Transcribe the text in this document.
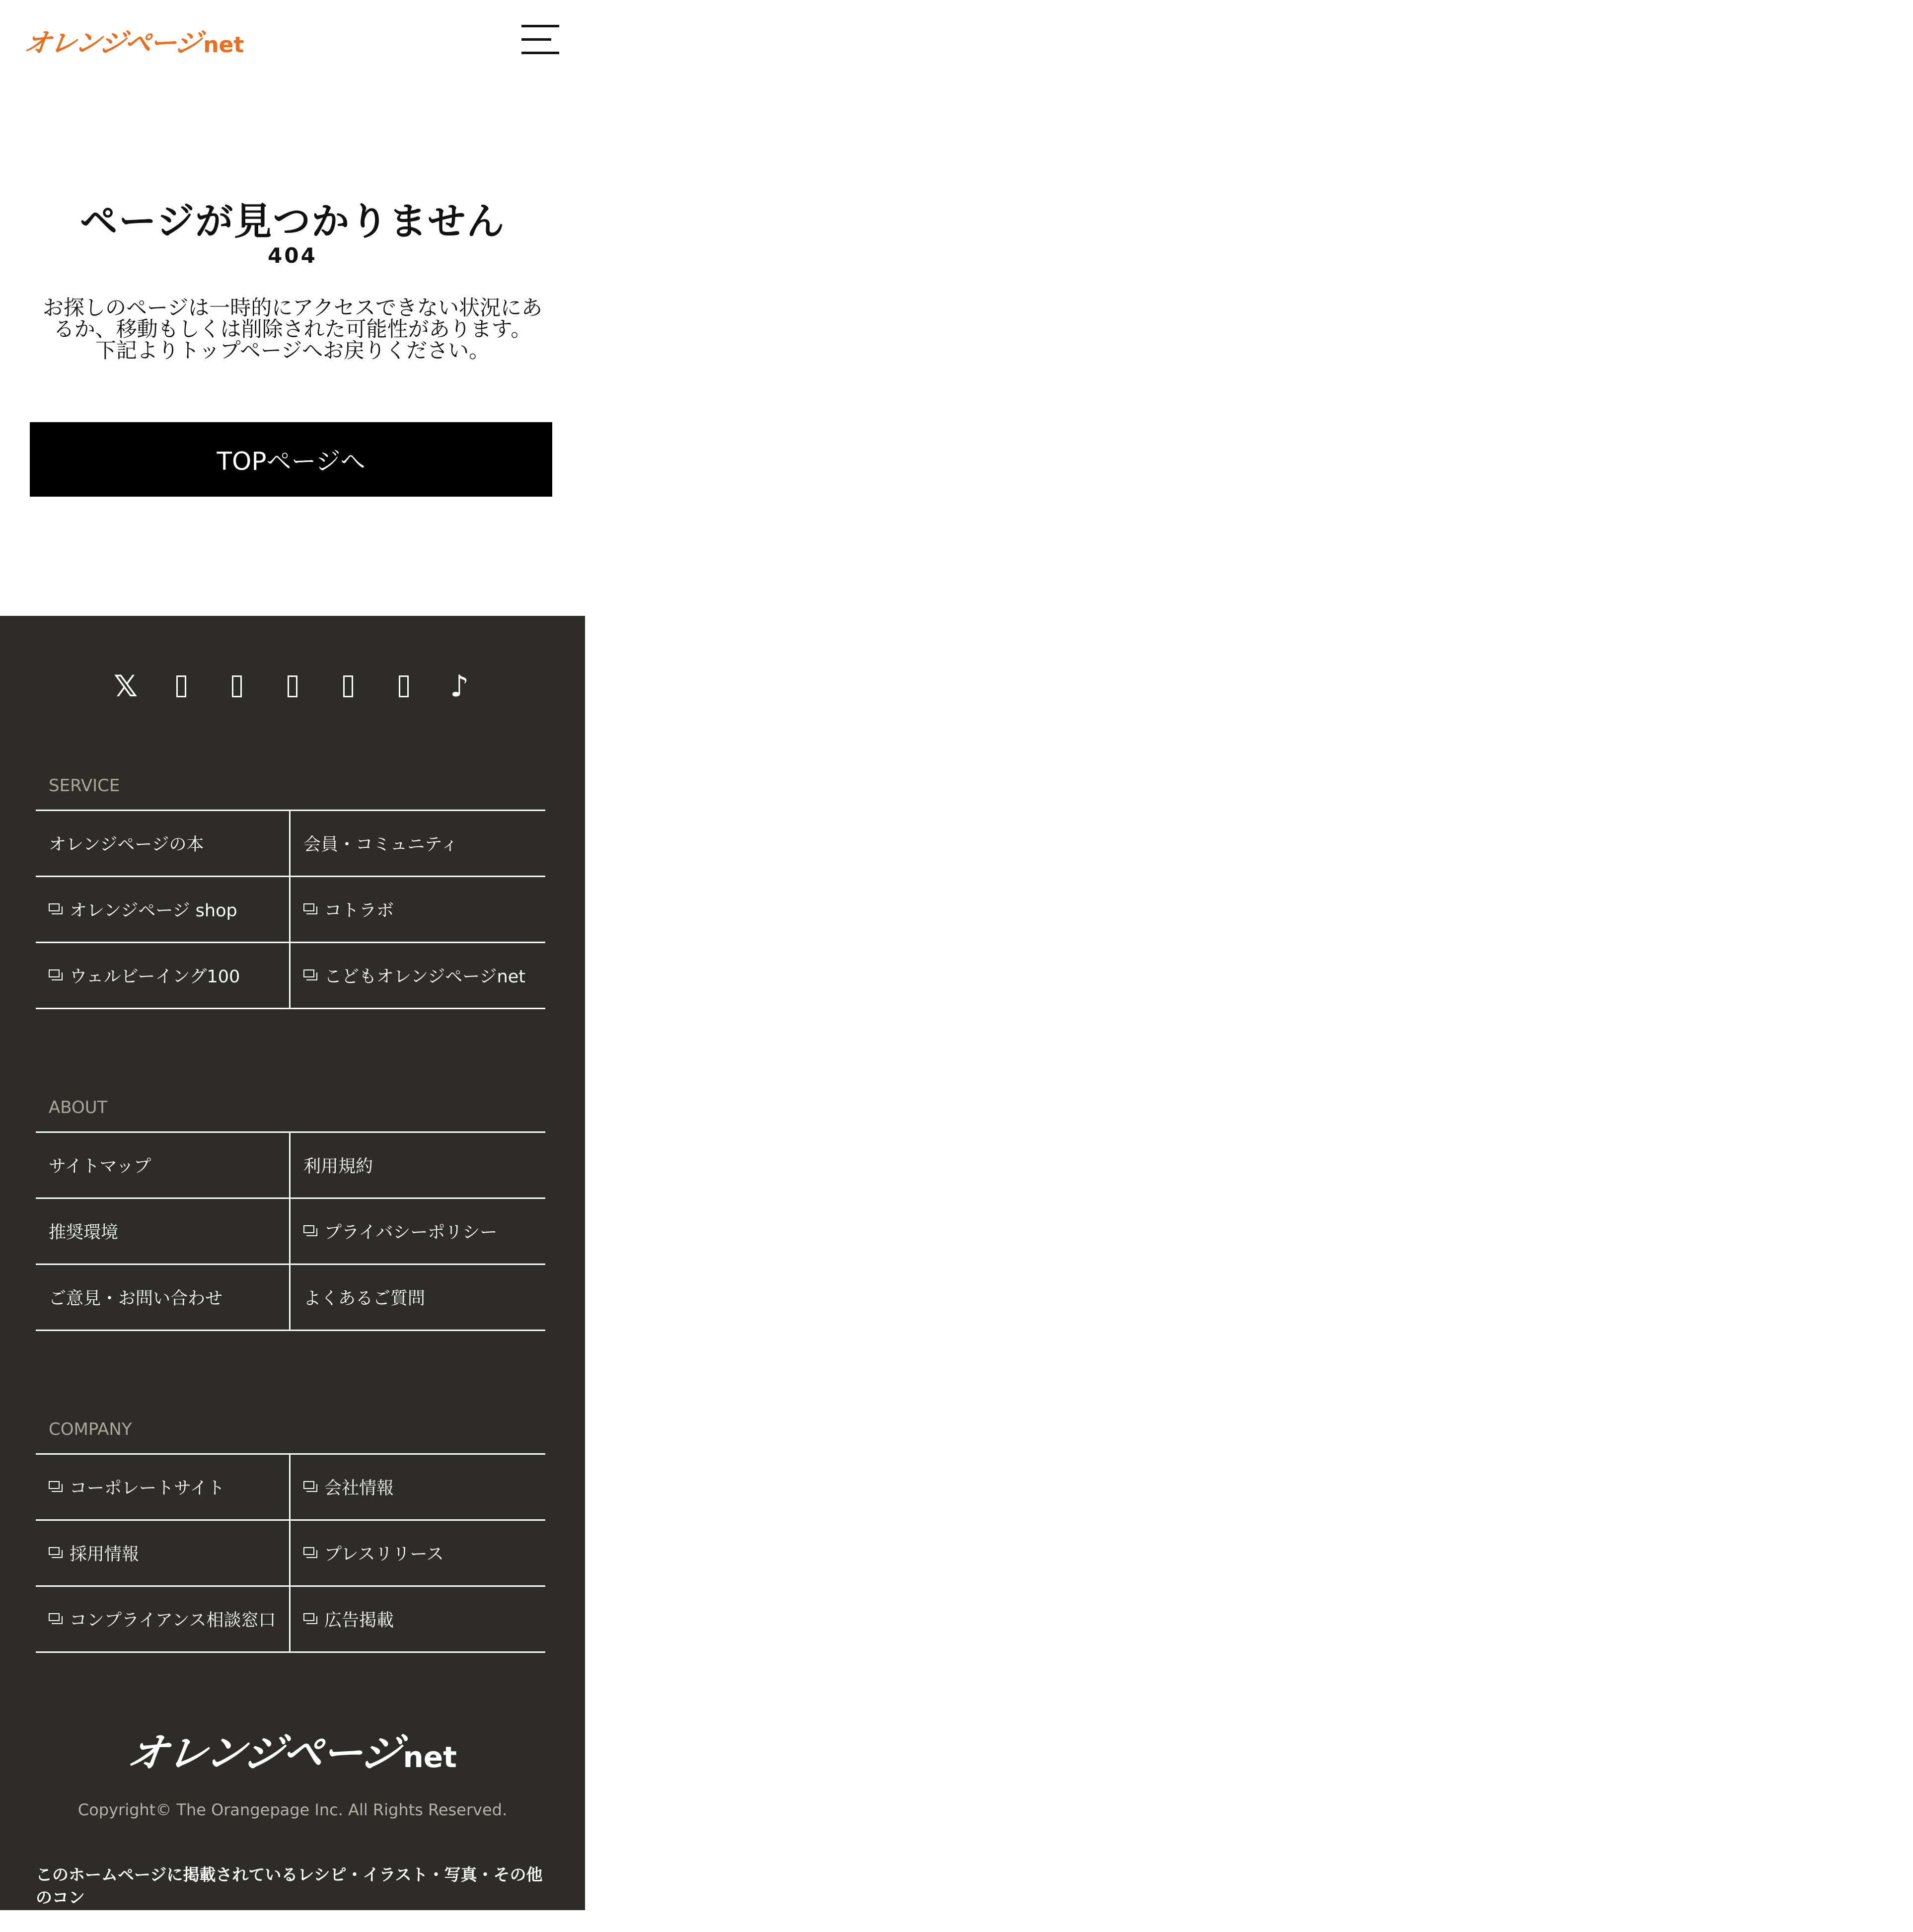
オレンジページ net
ページが見つかりません
404
お探しのページは一時的にアクセスできない状況にあ
るか、移動もしくは削除された可能性があります。
下記よりトップページへお戻りください。
TOPページへ
𝕏	♪
SERVICE
オレンジページの本	会員・コミュニティ
オレンジページ shop	コトラボ
ウェルビーイング100	こどもオレンジページnet
ABOUT
サイトマップ	利用規約
推奨環境	プライバシーポリシー
ご意見・お問い合わせ	よくあるご質問
COMPANY
コーポレートサイト	会社情報
採用情報	プレスリリース
コンプライアンス相談窓口	広告掲載
オレンジページ net
Copyright© The Orangepage Inc. All Rights Reserved.
このホームページに掲載されているレシピ・イラスト・写真・その他のコン
テンツの無断転載を禁じます。
